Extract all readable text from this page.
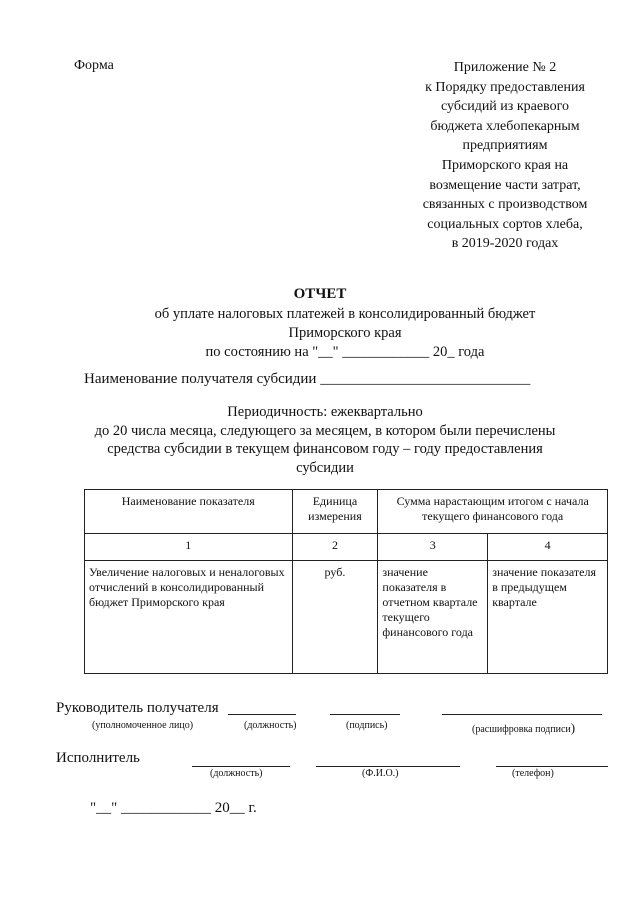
Форма	Приложение № 2
к Порядку предоставления
субсидий из краевого
бюджета хлебопекарным
предприятиям
Приморского края на
возмещение части затрат,
связанных с производством
социальных сортов хлеба,
в 2019-2020 годах
ОТЧЕТ
об уплате налоговых платежей в консолидированный бюджет
Приморского края
по состоянию на "__" ____________ 20_ года
Наименование получателя субсидии ____________________________
Периодичность: ежеквартально
до 20 числа месяца, следующего за месяцем, в котором были перечислены
средства субсидии в текущем финансовом году – году предоставления
субсидии
Наименование показателя	Единица измерения	Сумма нарастающим итогом с начала текущего финансового года	
1	2	3	4
Увеличение налоговых и неналоговых отчислений в консолидированный бюджет Приморского края	руб.	значение показателя в отчетном квартале текущего финансового года	значение показателя в предыдущем квартале
Руководитель получателя
(уполномоченное лицо)	(должность)	(подпись)	(расшифровка подписи)
Исполнитель
(должность)	(Ф.И.О.)	(телефон)
"__" ____________ 20__ г.
